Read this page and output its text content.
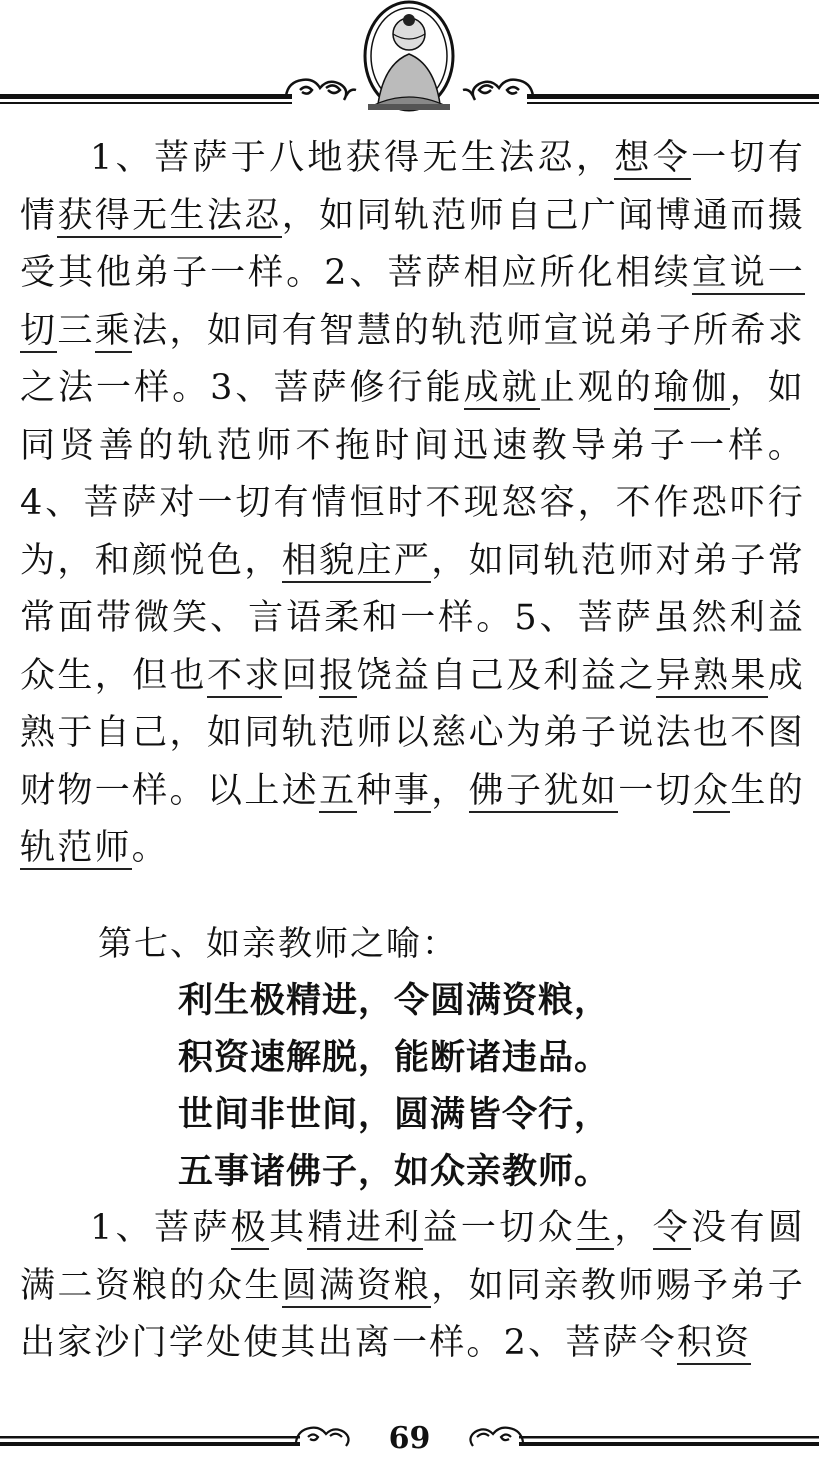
1、菩萨于八地获得无生法忍，想令一切有情获得无生法忍，如同轨范师自己广闻博通而摄受其他弟子一样。2、菩萨相应所化相续宣说一切三乘法，如同有智慧的轨范师宣说弟子所希求之法一样。3、菩萨修行能成就止观的瑜伽，如同贤善的轨范师不拖时间迅速教导弟子一样。4、菩萨对一切有情恒时不现怒容，不作恐吓行为，和颜悦色，相貌庄严，如同轨范师对弟子常常面带微笑、言语柔和一样。5、菩萨虽然利益众生，但也不求回报饶益自己及利益之异熟果成熟于自己，如同轨范师以慈心为弟子说法也不图财物一样。以上述五种事，佛子犹如一切众生的轨范师。

第七、如亲教师之喻：
利生极精进，令圆满资粮，
积资速解脱，能断诸违品。
世间非世间，圆满皆令行，
五事诸佛子，如众亲教师。

1、菩萨极其精进利益一切众生，令没有圆满二资粮的众生圆满资粮，如同亲教师赐予弟子出家沙门学处使其出离一样。2、菩萨令积资

69
